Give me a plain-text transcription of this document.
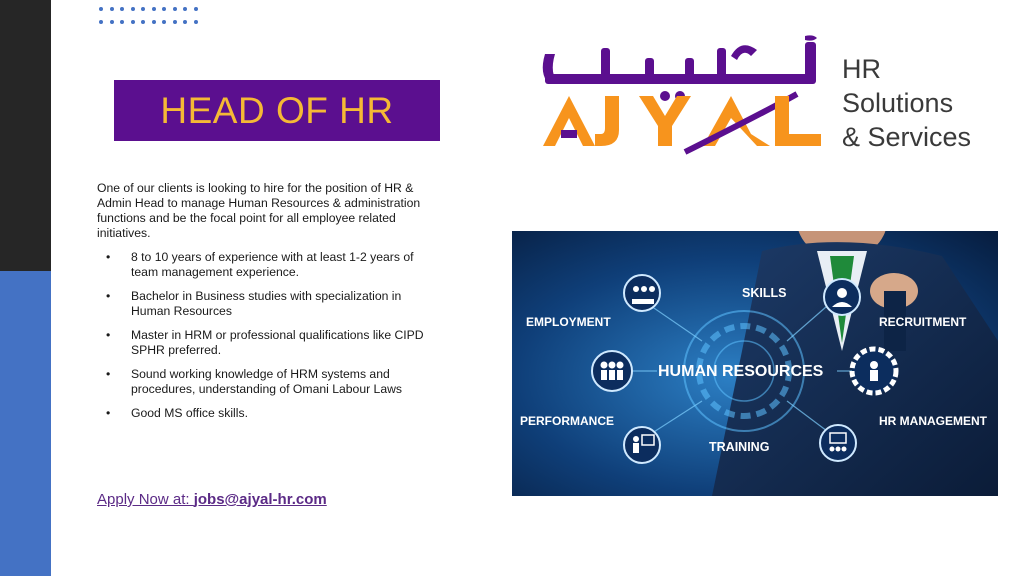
HEAD OF HR
HR
Solutions
& Services

One of our clients is looking to hire for the position of HR & Admin Head to manage Human Resources & administration functions and be the focal point for all employee related initiatives.

• 8 to 10 years of experience with at least 1-2 years of team management experience.
• Bachelor in Business studies with specialization in Human Resources
• Master in HRM or professional qualifications like CIPD SPHR preferred.
• Sound working knowledge of HRM systems and procedures, understanding of Omani Labour Laws
• Good MS office skills.
Apply Now at: jobs@ajyal-hr.com
SKILLS
EMPLOYMENT	RECRUITMENT
HUMAN RESOURCES
PERFORMANCE	HR MANAGEMENT
TRAINING
